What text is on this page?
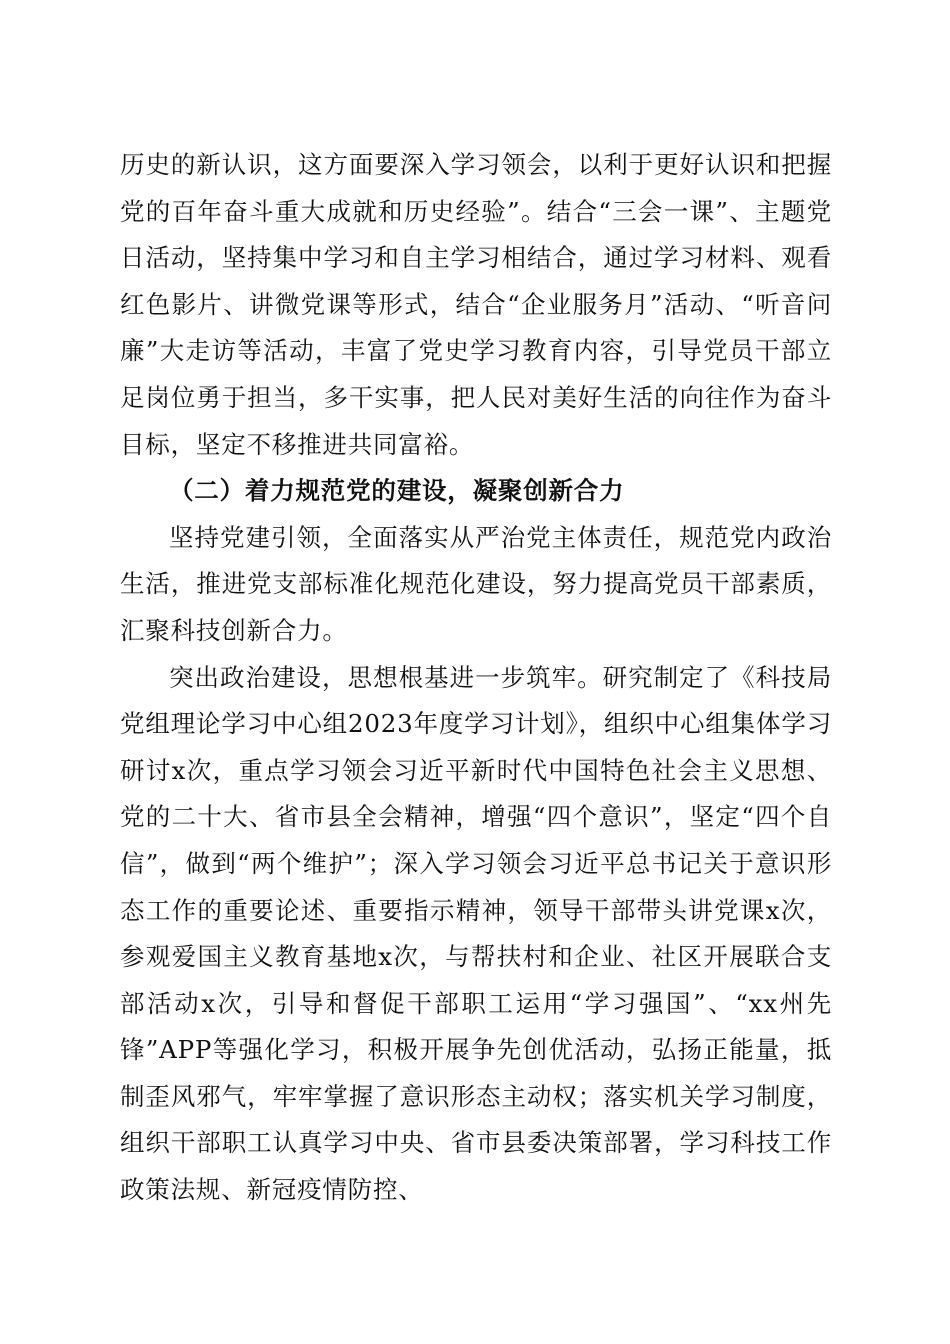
历史的新认识，这方面要深入学习领会，以利于更好认识和把握党的百年奋斗重大成就和历史经验”。结合“三会一课”、主题党日活动，坚持集中学习和自主学习相结合，通过学习材料、观看红色影片、讲微党课等形式，结合“企业服务月”活动、“听音问廉”大走访等活动，丰富了党史学习教育内容，引导党员干部立足岗位勇于担当，多干实事，把人民对美好生活的向往作为奋斗目标，坚定不移推进共同富裕。

（二）着力规范党的建设，凝聚创新合力

坚持党建引领，全面落实从严治党主体责任，规范党内政治生活，推进党支部标准化规范化建设，努力提高党员干部素质，汇聚科技创新合力。

突出政治建设，思想根基进一步筑牢。研究制定了《科技局党组理论学习中心组2023年度学习计划》，组织中心组集体学习研讨x次，重点学习领会习近平新时代中国特色社会主义思想、党的二十大、省市县全会精神，增强“四个意识”，坚定“四个自信”，做到“两个维护”；深入学习领会习近平总书记关于意识形态工作的重要论述、重要指示精神，领导干部带头讲党课x次，参观爱国主义教育基地x次，与帮扶村和企业、社区开展联合支部活动x次，引导和督促干部职工运用“学习强国”、“xx州先锋”APP等强化学习，积极开展争先创优活动，弘扬正能量，抵制歪风邪气，牢牢掌握了意识形态主动权；落实机关学习制度，组织干部职工认真学习中央、省市县委决策部署，学习科技工作政策法规、新冠疫情防控、
